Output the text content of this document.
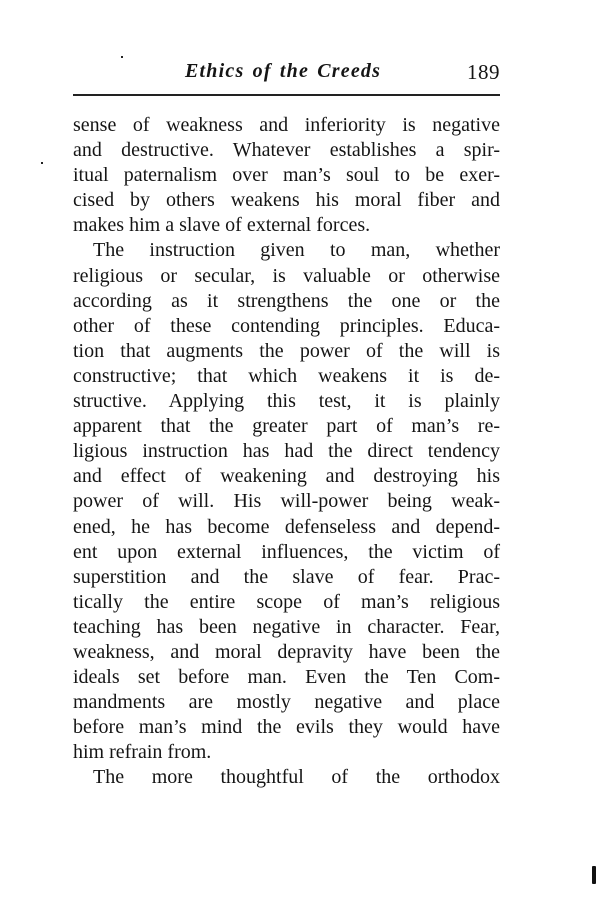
Ethics of the Creeds	189
sense of weakness and inferiority is negative
and destructive. Whatever establishes a spir-
itual paternalism over man’s soul to be exer-
cised by others weakens his moral fiber and
makes him a slave of external forces.
The instruction given to man, whether
religious or secular, is valuable or otherwise
according as it strengthens the one or the
other of these contending principles. Educa-
tion that augments the power of the will is
constructive; that which weakens it is de-
structive. Applying this test, it is plainly
apparent that the greater part of man’s re-
ligious instruction has had the direct tendency
and effect of weakening and destroying his
power of will. His will-power being weak-
ened, he has become defenseless and depend-
ent upon external influences, the victim of
superstition and the slave of fear. Prac-
tically the entire scope of man’s religious
teaching has been negative in character. Fear,
weakness, and moral depravity have been the
ideals set before man. Even the Ten Com-
mandments are mostly negative and place
before man’s mind the evils they would have
him refrain from.
The more thoughtful of the orthodox
